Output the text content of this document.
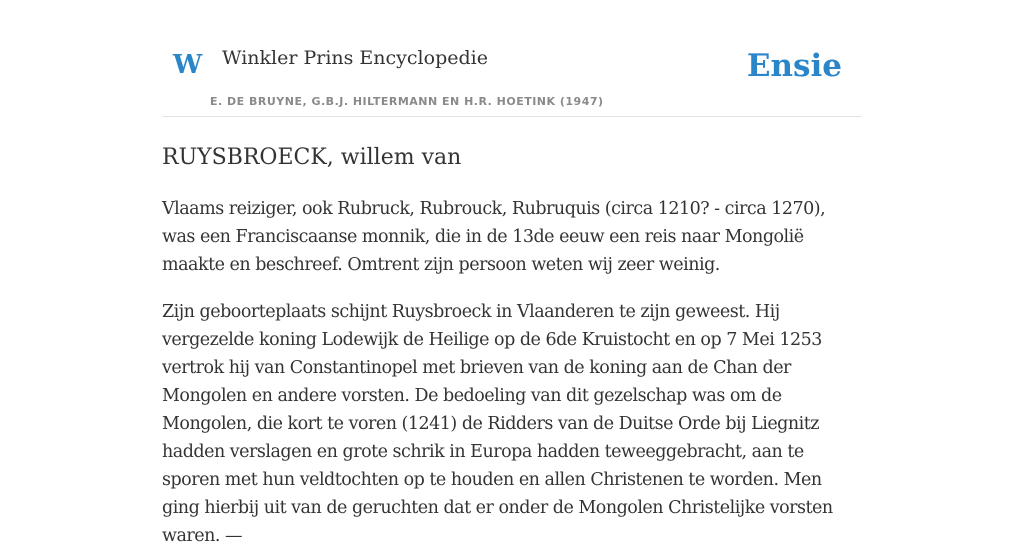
W Winkler Prins Encyclopedie
E. DE BRUYNE, G.B.J. HILTERMANN EN H.R. HOETINK (1947)
Ensie
RUYSBROECK, willem van

Vlaams reiziger, ook Rubruck, Rubrouck, Rubruquis (circa 1210? - circa 1270), was een Franciscaanse monnik, die in de 13de eeuw een reis naar Mongolië maakte en beschreef. Omtrent zijn persoon weten wij zeer weinig.

Zijn geboorteplaats schijnt Ruysbroeck in Vlaanderen te zijn geweest. Hij vergezelde koning Lodewijk de Heilige op de 6de Kruistocht en op 7 Mei 1253 vertrok hij van Constantinopel met brieven van de koning aan de Chan der Mongolen en andere vorsten. De bedoeling van dit gezelschap was om de Mongolen, die kort te voren (1241) de Ridders van de Duitse Orde bij Liegnitz hadden verslagen en grote schrik in Europa hadden teweeggebracht, aan te sporen met hun veldtochten op te houden en allen Christenen te worden. Men ging hierbij uit van de geruchten dat er onder de Mongolen Christelijke vorsten waren. —
